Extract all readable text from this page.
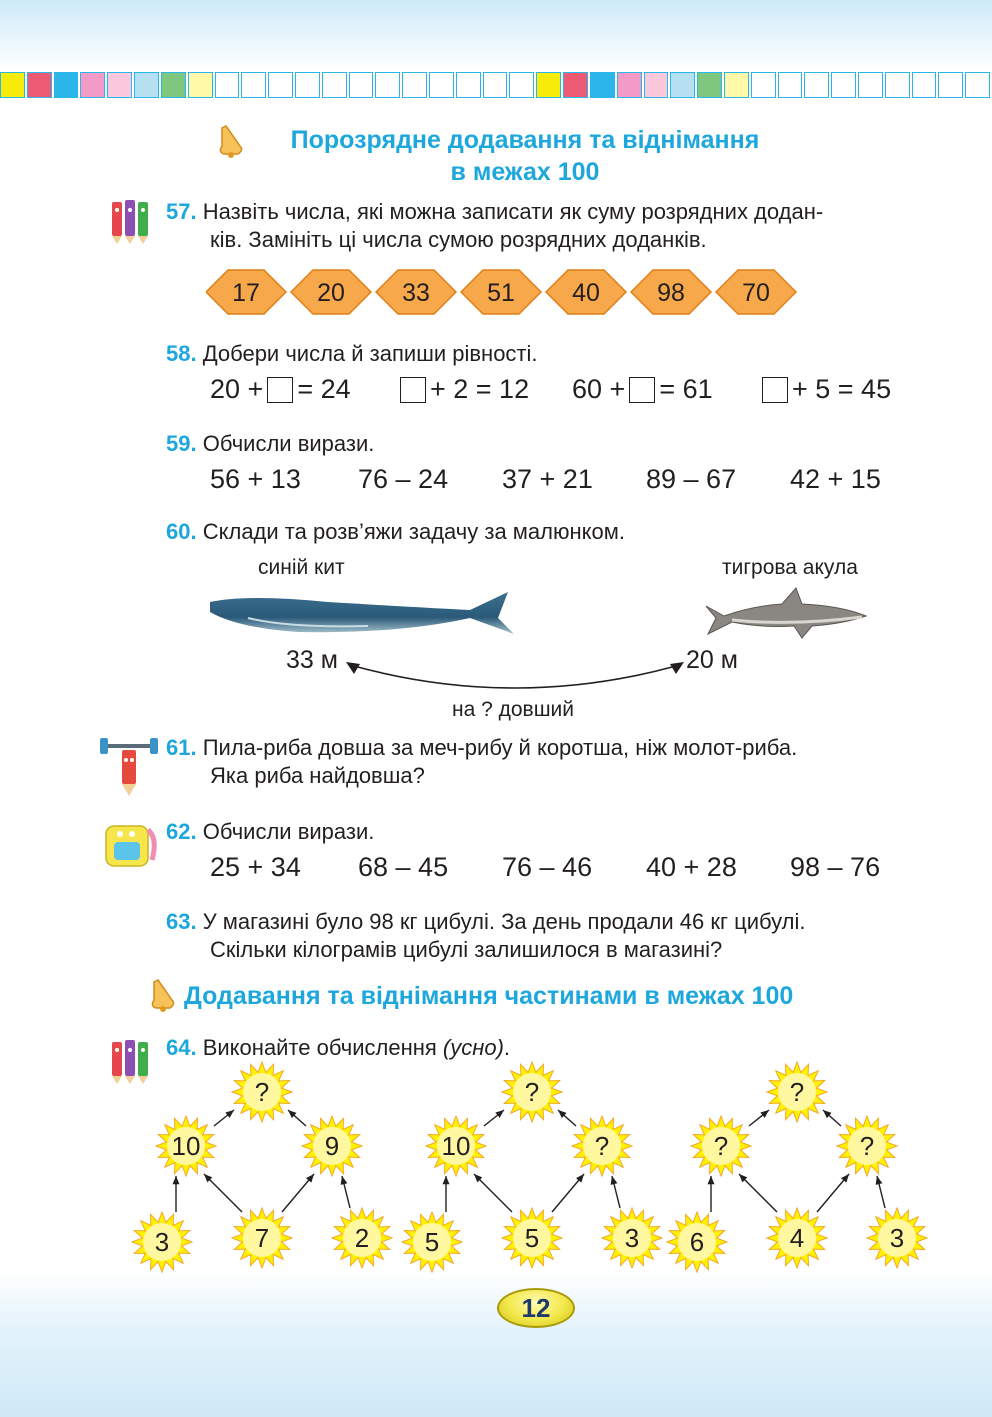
Порозрядне додавання та віднімання
в межах 100
57. Назвіть числа, які можна записати як суму розрядних додан-
ків. Замініть ці числа сумою розрядних доданків.
17 20 33 51 40 98 70
58. Добери числа й запиши рівності.
20 + = 24	+ 2 = 12 60 + = 61	+ 5 = 45
59. Обчисли вирази.
56 + 13 76 – 24 37 + 21 89 – 67 42 + 15
60. Склади та розв’яжи задачу за малюнком.
синій кит	тигрова акула
33 м	20 м
на ? довший
61. Пила-риба довша за меч-рибу й коротша, ніж молот-риба.
Яка риба найдовша?
62. Обчисли вирази.
25 + 34 68 – 45 76 – 46 40 + 28 98 – 76
63. У магазині було 98 кг цибулі. За день продали 46 кг цибулі.
Скільки кілограмів цибулі залишилося в магазині?
Додавання та віднімання частинами в межах 100
64. Виконайте обчислення (усно).
?
10	9
3	7	2
?
10	?
5	5	3
?
?	?
6	4	3
12
